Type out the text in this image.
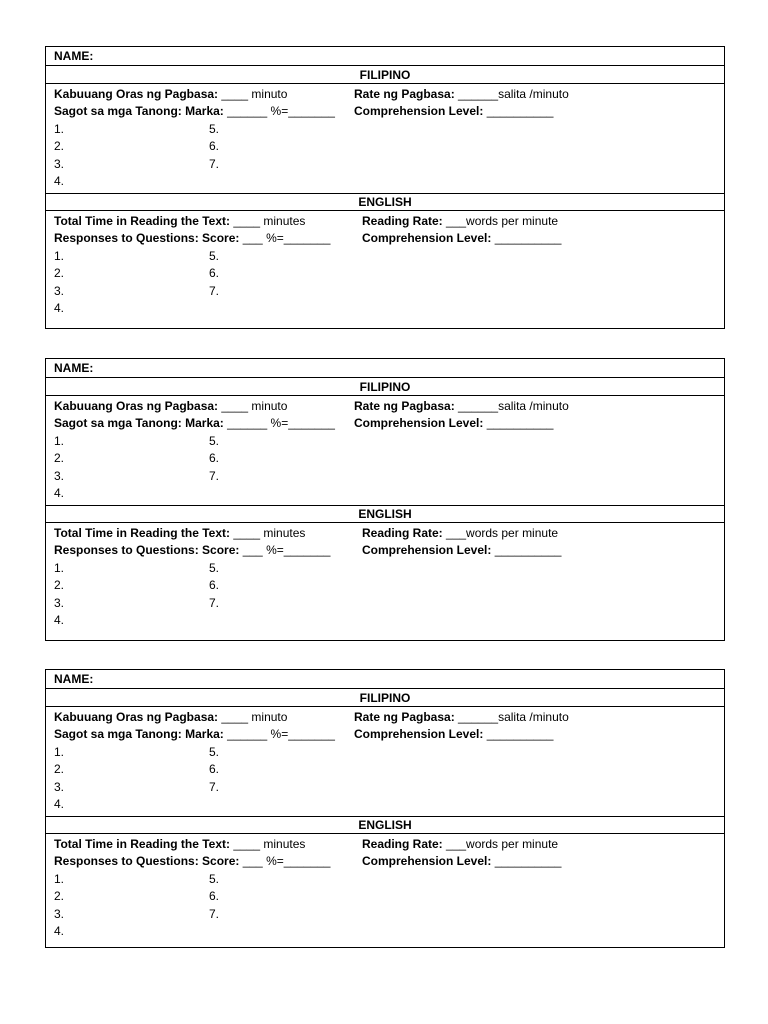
NAME:
FILIPINO
Kabuuang Oras ng Pagbasa: ____ minuto	Rate ng Pagbasa: ______salita /minuto
Sagot sa mga Tanong: Marka: ______ %=_______	Comprehension Level: __________
1.	5.
2.	6.
3.	7.
4.
ENGLISH
Total Time in Reading the Text: ____ minutes	Reading Rate: ___words per minute
Responses to Questions: Score: ___ %=_______	Comprehension Level: __________
1.	5.
2.	6.
3.	7.
4.
NAME:
FILIPINO
Kabuuang Oras ng Pagbasa: ____ minuto	Rate ng Pagbasa: ______salita /minuto
Sagot sa mga Tanong: Marka: ______ %=_______	Comprehension Level: __________
1.	5.
2.	6.
3.	7.
4.
ENGLISH
Total Time in Reading the Text: ____ minutes	Reading Rate: ___words per minute
Responses to Questions: Score: ___ %=_______	Comprehension Level: __________
1.	5.
2.	6.
3.	7.
4.
NAME:
FILIPINO
Kabuuang Oras ng Pagbasa: ____ minuto	Rate ng Pagbasa: ______salita /minuto
Sagot sa mga Tanong: Marka: ______ %=_______	Comprehension Level: __________
1.	5.
2.	6.
3.	7.
4.
ENGLISH
Total Time in Reading the Text: ____ minutes	Reading Rate: ___words per minute
Responses to Questions: Score: ___ %=_______	Comprehension Level: __________
1.	5.
2.	6.
3.	7.
4.
